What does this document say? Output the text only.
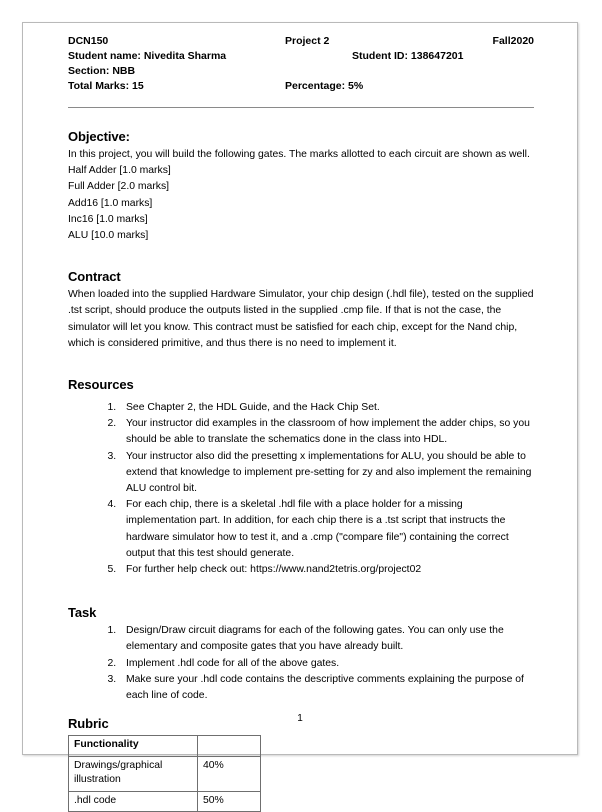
DCN150	Project 2	Fall2020
Student name: Nivedita Sharma	Student ID: 138647201
Section: NBB
Total Marks: 15	Percentage: 5%
Objective:

In this project, you will build the following gates. The marks allotted to each circuit are shown as well.

Half Adder [1.0 marks]
Full Adder [2.0 marks]
Add16 [1.0 marks]
Inc16 [1.0 marks]
ALU [10.0 marks]
Contract

When loaded into the supplied Hardware Simulator, your chip design (.hdl file), tested on the supplied .tst script, should produce the outputs listed in the supplied .cmp file. If that is not the case, the simulator will let you know. This contract must be satisfied for each chip, except for the Nand chip, which is considered primitive, and thus there is no need to implement it.

Resources
1. See Chapter 2, the HDL Guide, and the Hack Chip Set.
2. Your instructor did examples in the classroom of how implement the adder chips, so you should be able to translate the schematics done in the class into HDL.
3. Your instructor also did the presetting x implementations for ALU, you should be able to extend that knowledge to implement pre-setting for zy and also implement the remaining ALU control bit.
4. For each chip, there is a skeletal .hdl file with a place holder for a missing implementation part. In addition, for each chip there is a .tst script that instructs the hardware simulator how to test it, and a .cmp ("compare file") containing the correct output that this test should generate.
5. For further help check out: https://www.nand2tetris.org/project02
Task
1. Design/Draw circuit diagrams for each of the following gates. You can only use the elementary and composite gates that you have already built.
2. Implement .hdl code for all of the above gates.
3. Make sure your .hdl code contains the descriptive comments explaining the purpose of each line of code.
Rubric
Functionality	
Drawings/graphical illustration	40%
.hdl code	50%
1
